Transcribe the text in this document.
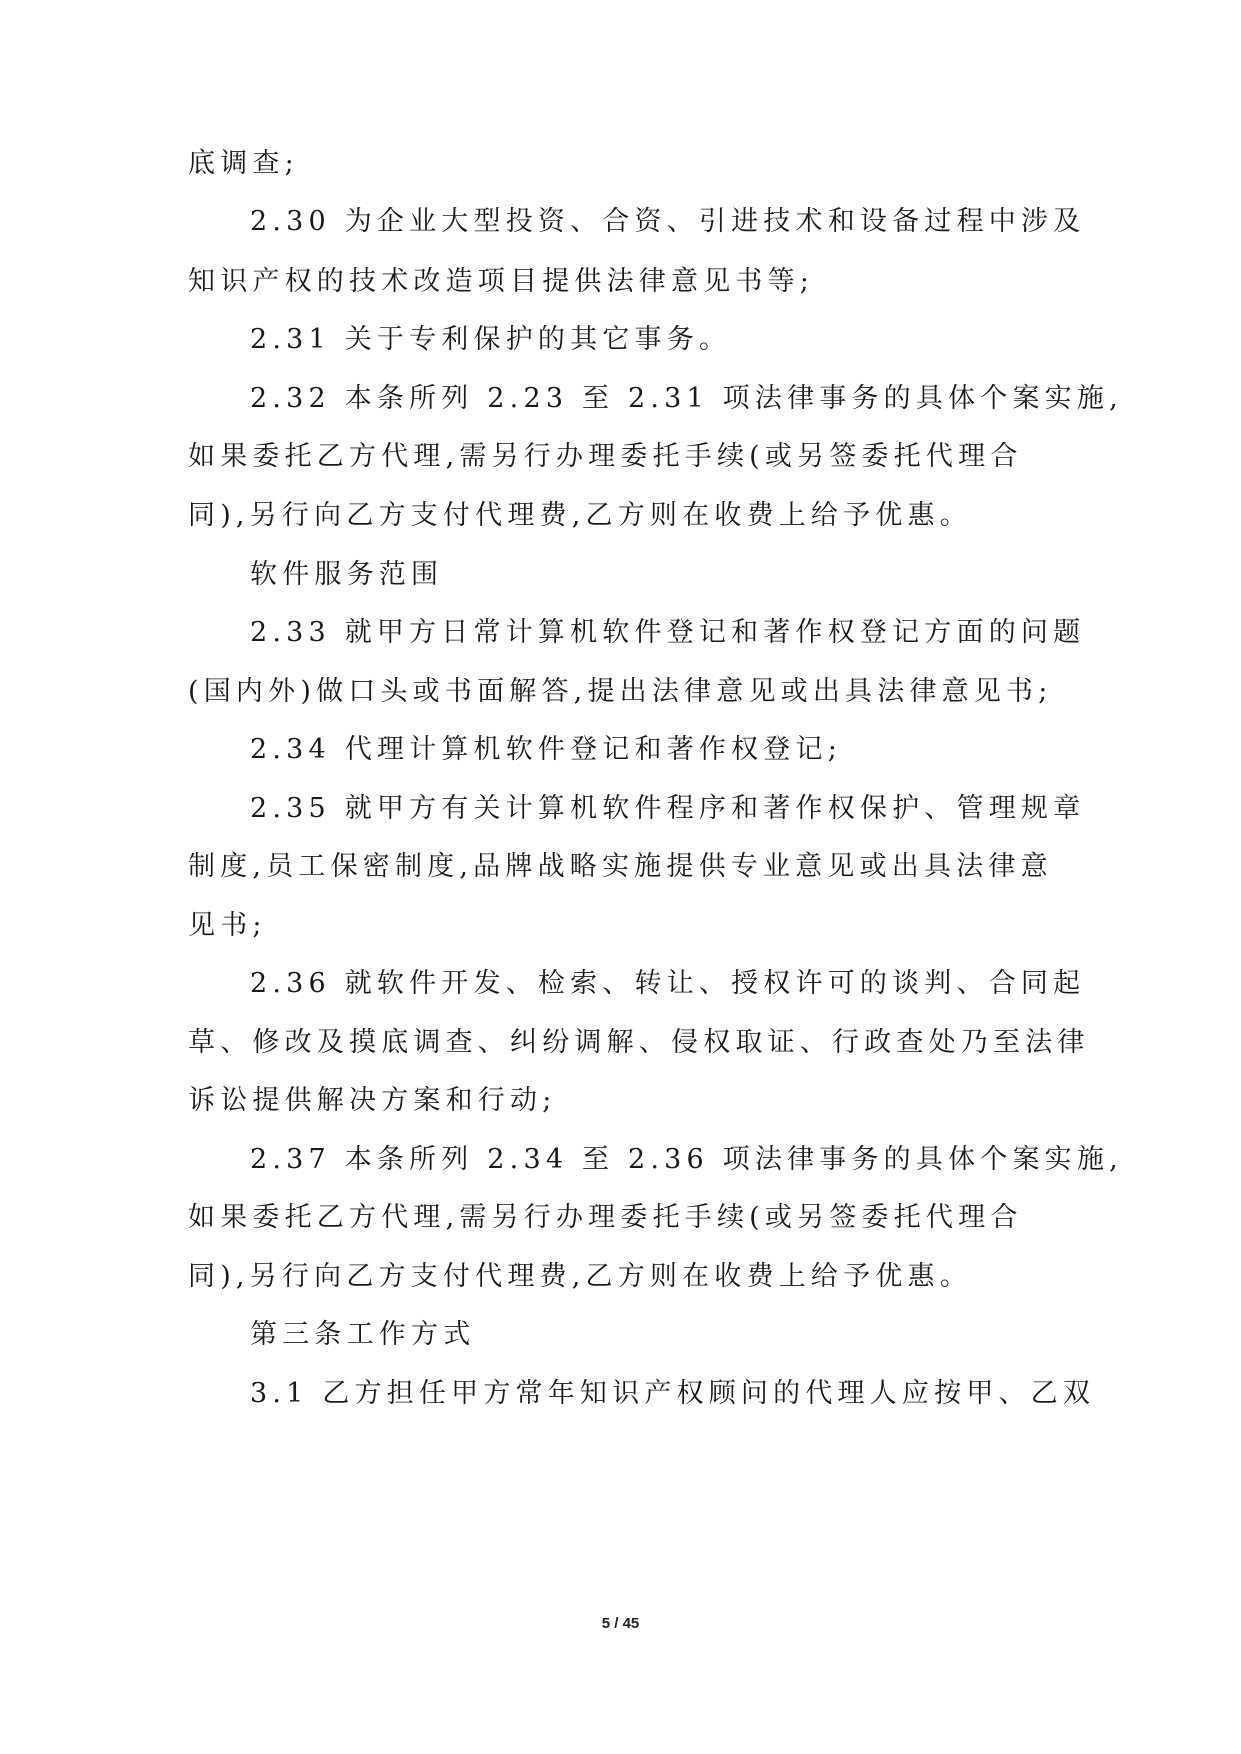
底调查;
2.30 为企业大型投资、合资、引进技术和设备过程中涉及
知识产权的技术改造项目提供法律意见书等;
2.31 关于专利保护的其它事务。
2.32 本条所列 2.23 至 2.31 项法律事务的具体个案实施,
如果委托乙方代理,需另行办理委托手续(或另签委托代理合
同),另行向乙方支付代理费,乙方则在收费上给予优惠。
软件服务范围
2.33 就甲方日常计算机软件登记和著作权登记方面的问题
(国内外)做口头或书面解答,提出法律意见或出具法律意见书;
2.34 代理计算机软件登记和著作权登记;
2.35 就甲方有关计算机软件程序和著作权保护、管理规章
制度,员工保密制度,品牌战略实施提供专业意见或出具法律意
见书;
2.36 就软件开发、检索、转让、授权许可的谈判、合同起
草、修改及摸底调查、纠纷调解、侵权取证、行政查处乃至法律
诉讼提供解决方案和行动;
2.37 本条所列 2.34 至 2.36 项法律事务的具体个案实施,
如果委托乙方代理,需另行办理委托手续(或另签委托代理合
同),另行向乙方支付代理费,乙方则在收费上给予优惠。
第三条工作方式
3.1 乙方担任甲方常年知识产权顾问的代理人应按甲、乙双
5 / 45
